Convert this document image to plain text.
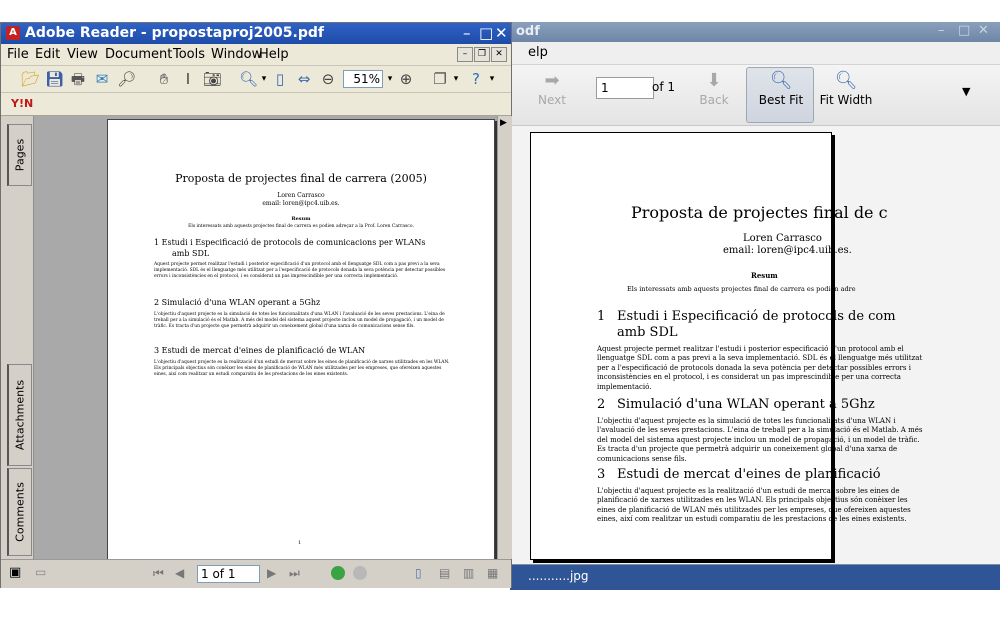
odf	– □ ✕
elp
➡
Next
1
of 1	⬇
Back
🔍︎
Best Fit
🔍︎
Fit Width
▼
Proposta de projectes final de c
Loren Carrasco
email: loren@ipc4.uib.es.
Resum
Els interessats amb aquests projectes final de carrera es podien adre
1 Estudi i Especificació de protocols de com
amb SDL
Aquest projecte permet realitzar l'estudi i posterior especificació d'un protocol amb el llenguatge SDL com a pas previ a la seva implementació. SDL és el llenguatge més utilitzat per a l'especificació de protocols donada la seva potència per detectar possibles errors i inconsistències en el protocol, i es considerat un pas imprescindible per una correcta implementació.
2 Simulació d'una WLAN operant a 5Ghz
L'objectiu d'aquest projecte es la simulació de totes les funcionalitats d'una WLAN i l'avaluació de les seves prestacions. L'eina de treball per a la simulació és el Matlab. A més del model del sistema aquest projecte inclou un model de propagació, i un model de tràfic. Es tracta d'un projecte que permetrà adquirir un coneixement global d'una xarxa de comunicacions sense fils.
3 Estudi de mercat d'eines de planificació
L'objectiu d'aquest projecte es la realització d'un estudi de mercat sobre les eines de planificació de xarxes utilitzades en les WLAN. Els principals objectius són conèixer les eines de planificació de WLAN més utilitzades per les empreses, que ofereixen aquestes eines, així com realitzar un estudi comparatiu de les prestacions de les eines existents.
...........jpg
A Adobe Reader - propostaproj2005.pdf	– □ ✕
File Edit View Document Tools Window
Help	–	❐	✕
📂︎ 💾︎ 🖶 ✉ 🔎︎	✋︎	I 📷︎ 🔍︎ ▾ ▯ ⇔ ⊖	51% ▾ ⊕ ❐ ▾ ?	▾
Y!N
Pages
Attachments
Comments
Proposta de projectes final de carrera (2005)
Loren Carrasco
email: loren@ipc4.uib.es.
Resum
Els interessats amb aquests projectes final de carrera es podien adreçar a la Prof. Loren Carrasco.
1 Estudi i Especificació de protocols de comunicacions per WLANs
amb SDL
Aquest projecte permet realitzar l'estudi i posterior especificació d'un protocol amb el llenguatge SDL com a pas previ a la seva implementació. SDL és el llenguatge més utilitzat per a l'especificació de protocols donada la seva potència per detectar possibles errors i inconsistències en el protocol, i es considerat un pas imprescindible per una correcta implementació.
2 Simulació d'una WLAN operant a 5Ghz
L'objectiu d'aquest projecte es la simulació de totes les funcionalitats d'una WLAN i l'avaluació de les seves prestacions. L'eina de treball per a la simulació és el Matlab. A més del model del sistema aquest projecte inclou un model de propagació, i un model de tràfic. Es tracta d'un projecte que permetrà adquirir un coneixement global d'una xarxa de comunicacions sense fils.
3 Estudi de mercat d'eines de planificació de WLAN
L'objectiu d'aquest projecte es la realització d'un estudi de mercat sobre les eines de planificació de xarxes utilitzades en les WLAN. Els principals objectius són conèixer les eines de planificació de WLAN més utilitzades per les empreses, que ofereixen aquestes eines, així com realitzar un estudi comparatiu de les prestacions de les eines existents.
1
▶
▣ ▭	⏮ ◀	1 of 1	▶ ⏭	▯ ▤ ▥ ▦
